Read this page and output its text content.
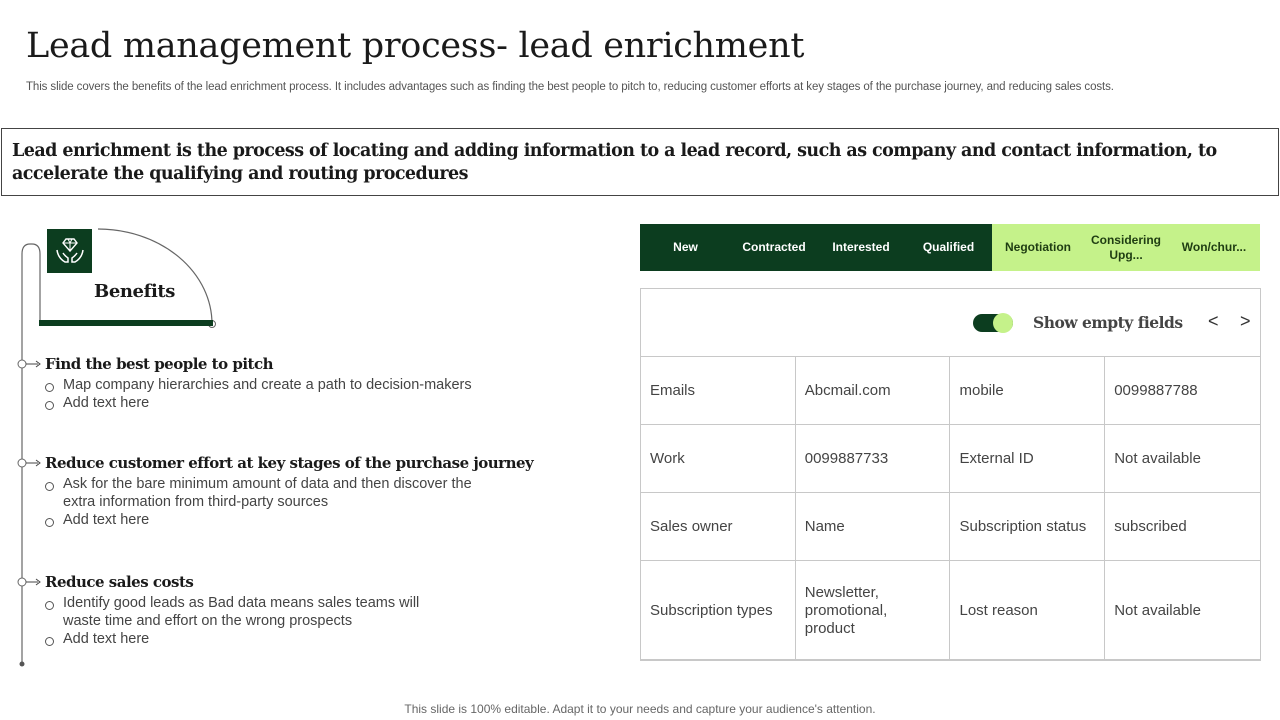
Lead management process- lead enrichment

This slide covers the benefits of the lead enrichment process. It includes advantages such as finding the best people to pitch to, reducing customer efforts at key stages of the purchase journey, and reducing sales costs.

Lead enrichment is the process of locating and adding information to a lead record, such as company and contact information, to accelerate the qualifying and routing procedures
Benefits
Find the best people to pitch
Map company hierarchies and create a path to decision-makers
Add text here
Reduce customer effort at key stages of the purchase journey
Ask for the bare minimum amount of data and then discover the extra information from third-party sources
Add text here
Reduce sales costs
Identify good leads as Bad data means sales teams will waste time and effort on the wrong prospects
Add text here
New	Contracted	Interested	Qualified	Negotiation
Considering Upg...
Won/chur...
Show empty fields < >
Emails	Abcmail.com	mobile	0099887788
Work	0099887733	External ID	Not available
Sales owner	Name	Subscription status	subscribed
Subscription types	Newsletter, promotional, product	Lost reason	Not available
This slide is 100% editable. Adapt it to your needs and capture your audience's attention.
